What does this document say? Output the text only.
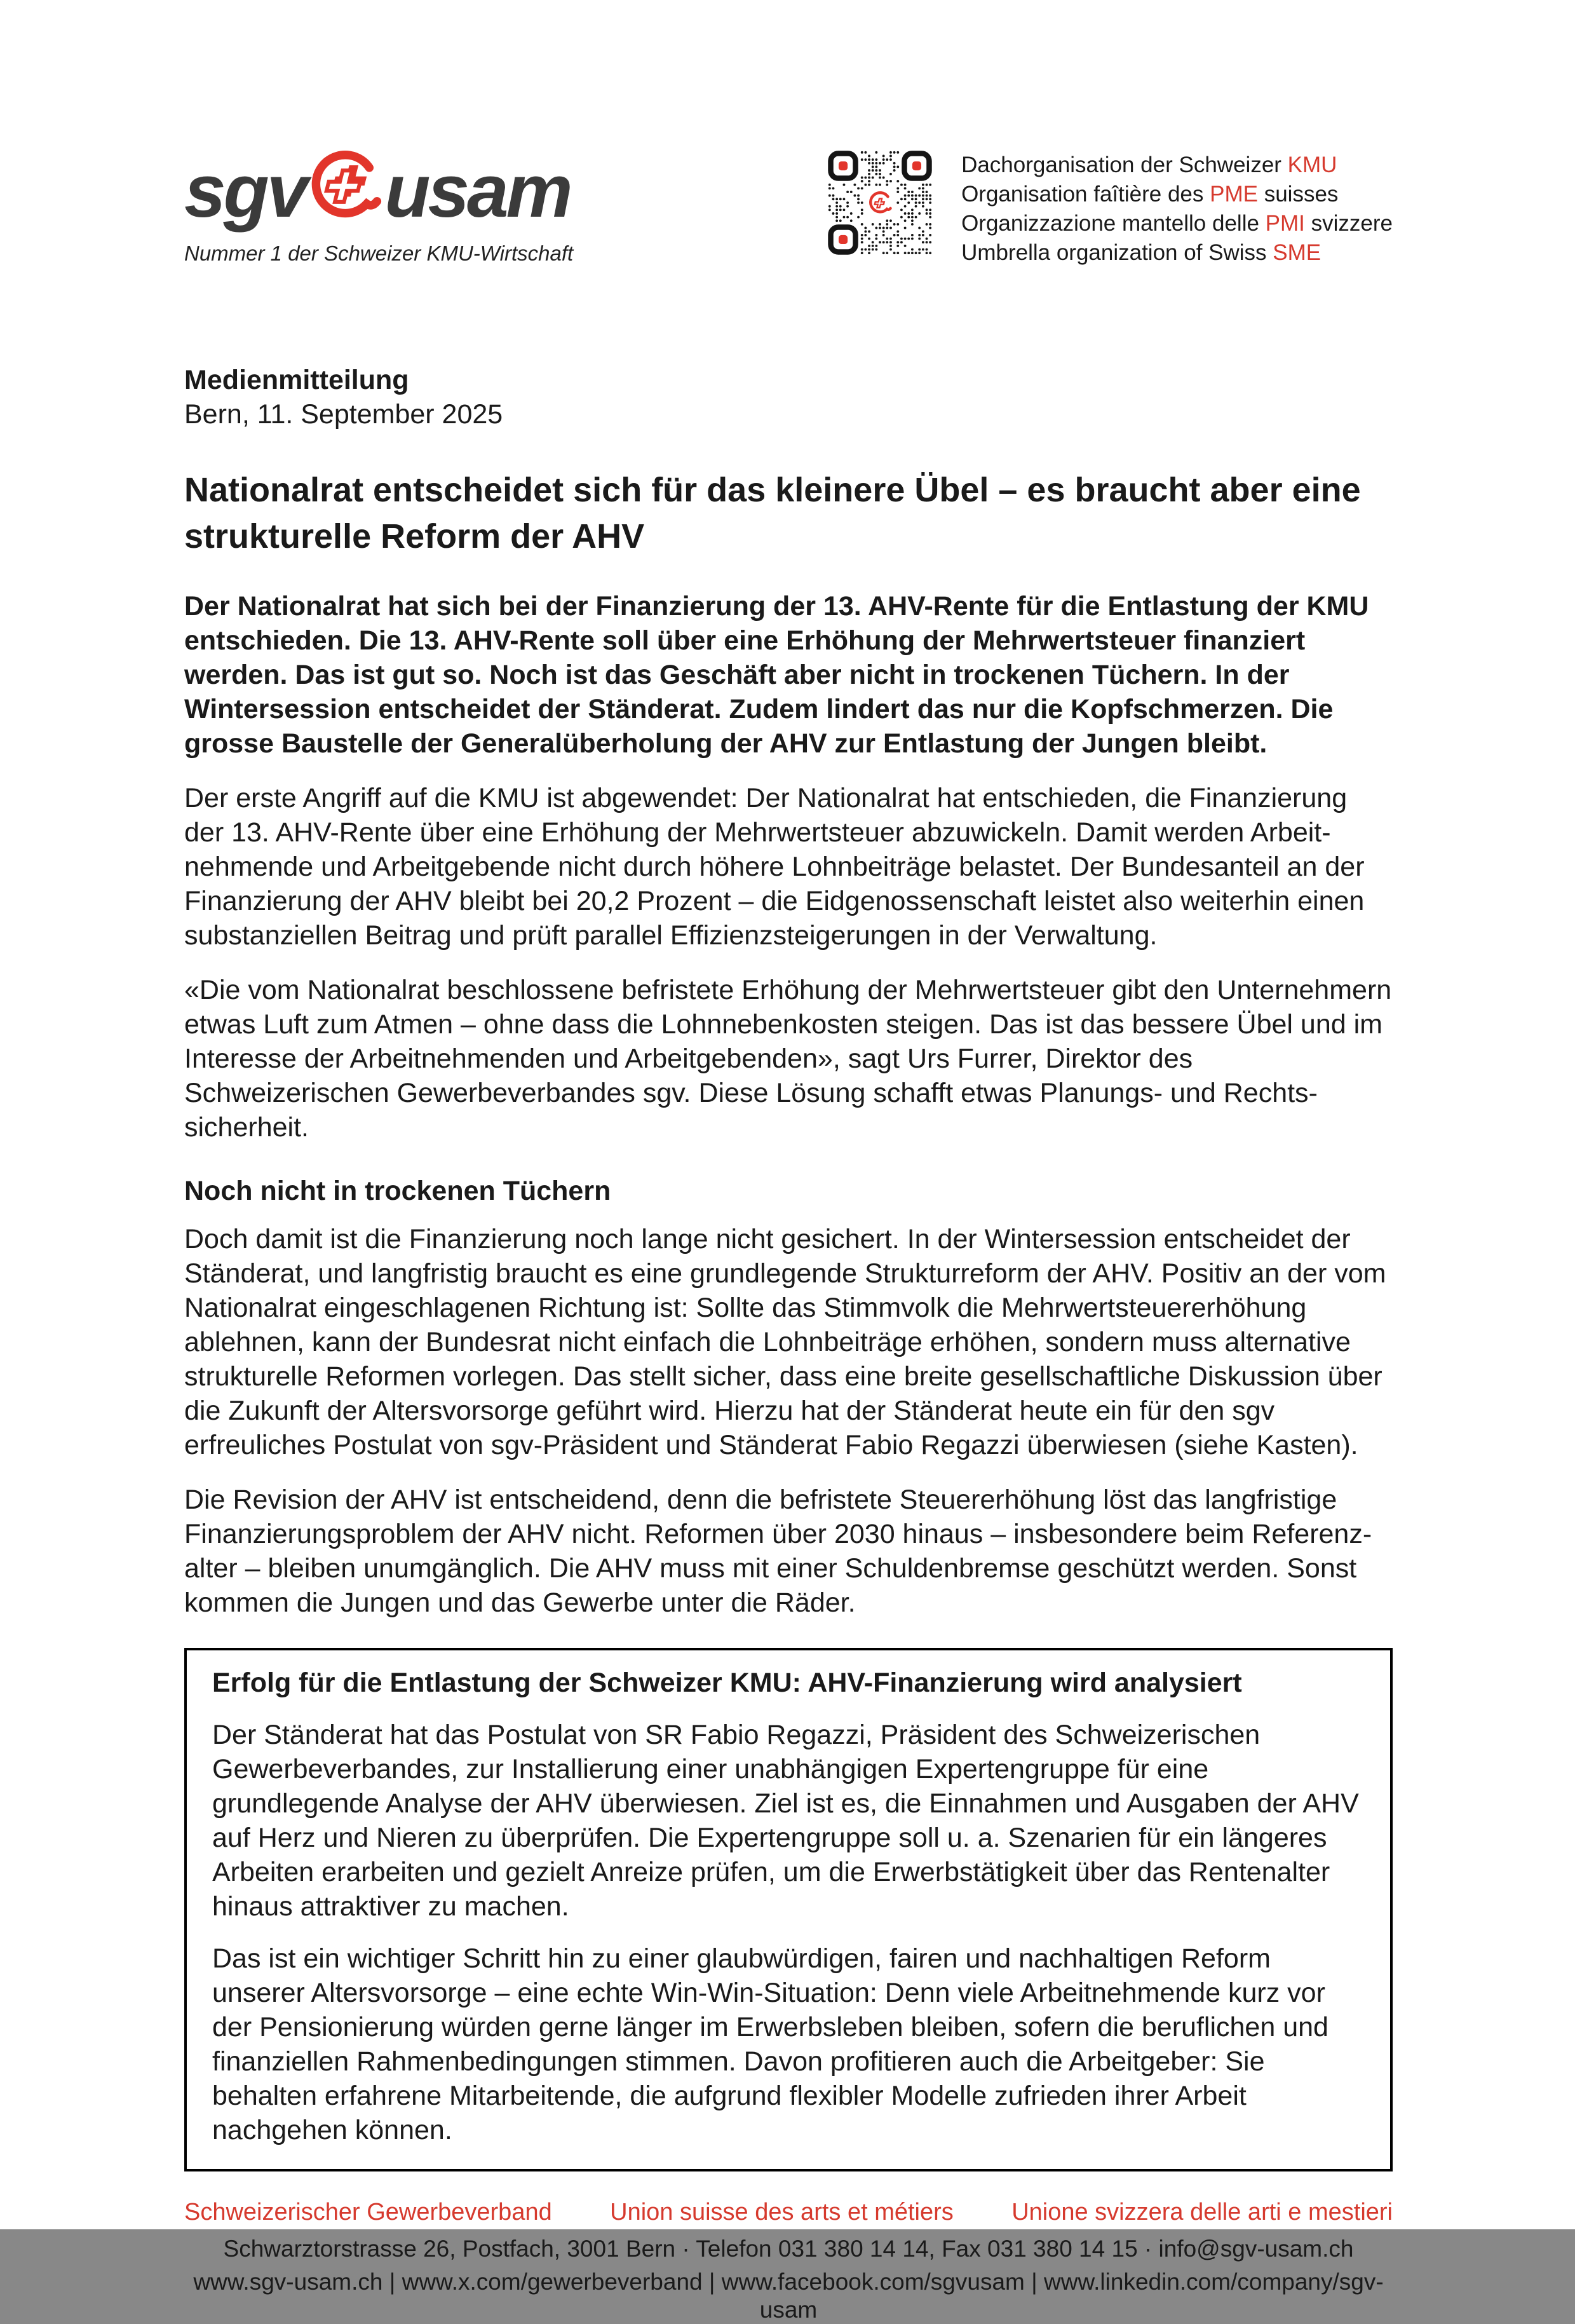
sgv usam
Nummer 1 der Schweizer KMU-Wirtschaft
Dachorganisation der Schweizer KMU
Organisation faîtière des PME suisses
Organizzazione mantello delle PMI svizzere
Umbrella organization of Swiss SME
Medienmitteilung
Bern, 11. September 2025
Nationalrat entscheidet sich für das kleinere Übel – es braucht aber eine strukturelle Reform der AHV

Der Nationalrat hat sich bei der Finanzierung der 13. AHV-Rente für die Entlastung der KMU entschieden. Die 13. AHV-Rente soll über eine Erhöhung der Mehrwertsteuer finanziert werden. Das ist gut so. Noch ist das Geschäft aber nicht in trockenen Tüchern. In der Wintersession entscheidet der Ständerat. Zudem lindert das nur die Kopfschmerzen. Die grosse Baustelle der Generalüberholung der AHV zur Entlastung der Jungen bleibt.

Der erste Angriff auf die KMU ist abgewendet: Der Nationalrat hat entschieden, die Finanzierung der 13. AHV-Rente über eine Erhöhung der Mehrwertsteuer abzuwickeln. Damit werden Arbeitnehmende und Arbeitgebende nicht durch höhere Lohnbeiträge belastet. Der Bundesanteil an der Finanzierung der AHV bleibt bei 20,2 Prozent – die Eidgenossenschaft leistet also weiterhin einen substanziellen Beitrag und prüft parallel Effizienzsteigerungen in der Verwaltung.

«Die vom Nationalrat beschlossene befristete Erhöhung der Mehrwertsteuer gibt den Unternehmern etwas Luft zum Atmen – ohne dass die Lohnnebenkosten steigen. Das ist das bessere Übel und im Interesse der Arbeitnehmenden und Arbeitgebenden», sagt Urs Furrer, Direktor des Schweizerischen Gewerbeverbandes sgv. Diese Lösung schafft etwas Planungs- und Rechtssicherheit.

Noch nicht in trockenen Tüchern

Doch damit ist die Finanzierung noch lange nicht gesichert. In der Wintersession entscheidet der Ständerat, und langfristig braucht es eine grundlegende Strukturreform der AHV. Positiv an der vom Nationalrat eingeschlagenen Richtung ist: Sollte das Stimmvolk die Mehrwertsteuererhöhung ablehnen, kann der Bundesrat nicht einfach die Lohnbeiträge erhöhen, sondern muss alternative strukturelle Reformen vorlegen. Das stellt sicher, dass eine breite gesellschaftliche Diskussion über die Zukunft der Altersvorsorge geführt wird. Hierzu hat der Ständerat heute ein für den sgv erfreuliches Postulat von sgv-Präsident und Ständerat Fabio Regazzi überwiesen (siehe Kasten).

Die Revision der AHV ist entscheidend, denn die befristete Steuererhöhung löst das langfristige Finanzierungsproblem der AHV nicht. Reformen über 2030 hinaus – insbesondere beim Referenzalter – bleiben unumgänglich. Die AHV muss mit einer Schuldenbremse geschützt werden. Sonst kommen die Jungen und das Gewerbe unter die Räder.

Erfolg für die Entlastung der Schweizer KMU: AHV-Finanzierung wird analysiert

Der Ständerat hat das Postulat von SR Fabio Regazzi, Präsident des Schweizerischen Gewerbeverbandes, zur Installierung einer unabhängigen Expertengruppe für eine grundlegende Analyse der AHV überwiesen. Ziel ist es, die Einnahmen und Ausgaben der AHV auf Herz und Nieren zu überprüfen. Die Expertengruppe soll u. a. Szenarien für ein längeres Arbeiten erarbeiten und gezielt Anreize prüfen, um die Erwerbstätigkeit über das Rentenalter hinaus attraktiver zu machen.

Das ist ein wichtiger Schritt hin zu einer glaubwürdigen, fairen und nachhaltigen Reform unserer Altersvorsorge – eine echte Win-Win-Situation: Denn viele Arbeitnehmende kurz vor der Pensionierung würden gerne länger im Erwerbsleben bleiben, sofern die beruflichen und finanziellen Rahmenbedingungen stimmen. Davon profitieren auch die Arbeitgeber: Sie behalten erfahrene Mitarbeitende, die aufgrund flexibler Modelle zufrieden ihrer Arbeit nachgehen können.

Schweizerischer Gewerbeverband Union suisse des arts et métiers Unione svizzera delle arti e mestieri
Schwarztorstrasse 26, Postfach, 3001 Bern · Telefon 031 380 14 14, Fax 031 380 14 15 · info@sgv-usam.ch
www.sgv-usam.ch | www.x.com/gewerbeverband | www.facebook.com/sgvusam | www.linkedin.com/company/sgv-usam
